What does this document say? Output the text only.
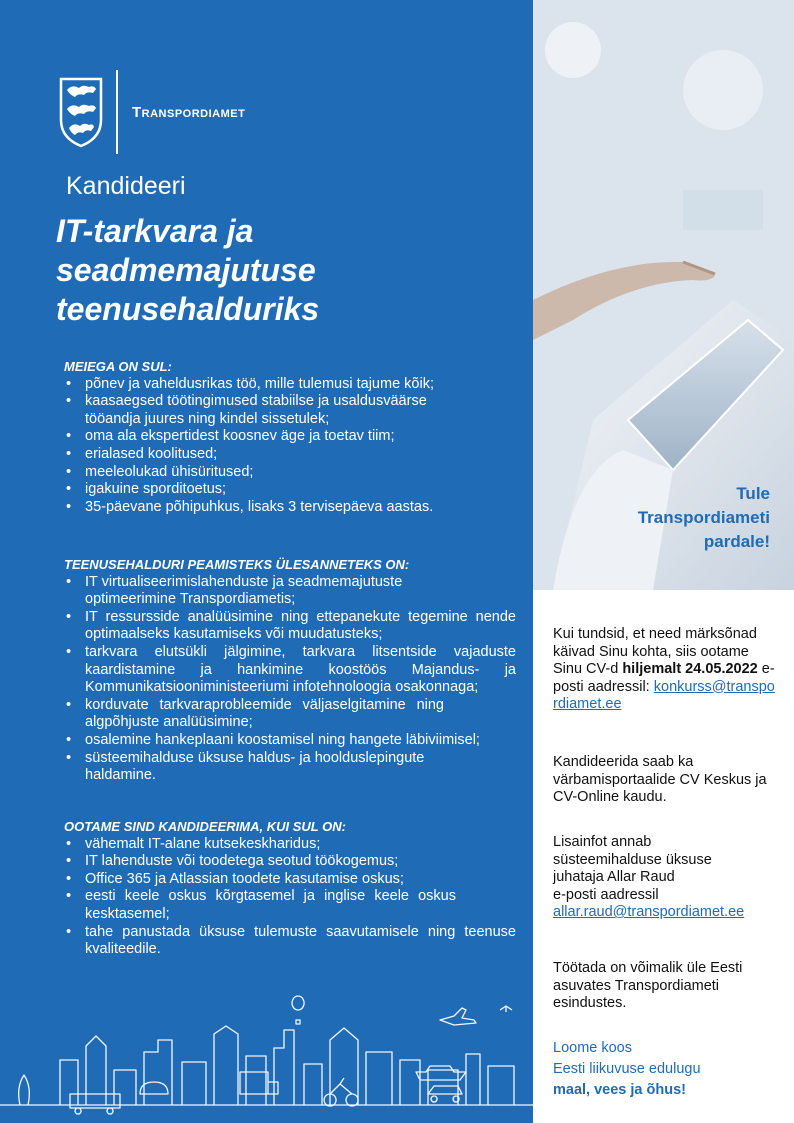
Transpordiamet
Kandideeri
IT-tarkvara ja
seadmemajutuse
teenusehalduriks
MEIEGA ON SUL:
• põnev ja vaheldusrikas töö, mille tulemusi tajume kõik;
• kaasaegsed töötingimused stabiilse ja usaldusväärse tööandja juures ning kindel sissetulek;
• oma ala ekspertidest koosnev äge ja toetav tiim;
• erialased koolitused;
• meeleolukad ühisüritused;
• igakuine sporditoetus;
• 35-päevane põhipuhkus, lisaks 3 tervisepäeva aastas.
TEENUSEHALDURI PEAMISTEKS ÜLESANNETEKS ON:
• IT virtualiseerimislahenduste ja seadmemajutuste optimeerimine Transpordiametis;
• IT ressursside analüüsimine ning ettepanekute tegemine nende optimaalseks kasutamiseks või muudatusteks;
• tarkvara elutsükli jälgimine, tarkvara litsentside vajaduste kaardistamine ja hankimine koostöös Majandus- ja Kommunikatsiooniministeeriumi infotehnoloogia osakonnaga;
• korduvate tarkvaraprobleemide väljaselgitamine ning algpõhjuste analüüsimine;
• osalemine hankeplaani koostamisel ning hangete läbiviimisel;
• süsteemihalduse üksuse haldus- ja hoolduslepingute haldamine.
OOTAME SIND KANDIDEERIMA, KUI SUL ON:
• vähemalt IT-alane kutsekeskharidus;
• IT lahenduste või toodetega seotud töökogemus;
• Office 365 ja Atlassian toodete kasutamise oskus;
• eesti keele oskus kõrgtasemel ja inglise keele oskus kesktasemel;
• tahe panustada üksuse tulemuste saavutamisele ning teenuse kvaliteedile.
Tule
Transpordiameti
pardale!
Kui tundsid, et need märksõnad käivad Sinu kohta, siis ootame Sinu CV-d hiljemalt 24.05.2022 e-posti aadressil: konkurss@transpordiamet.ee
Kandideerida saab ka värbamisportaalide CV Keskus ja CV-Online kaudu.
Lisainfot annab
süsteemihalduse üksuse
juhataja Allar Raud
e-posti aadressil
allar.raud@transpordiamet.ee
Töötada on võimalik üle Eesti asuvates Transpordiameti esindustes.
Loome koos
Eesti liikuvuse edulugu
maal, vees ja õhus!
